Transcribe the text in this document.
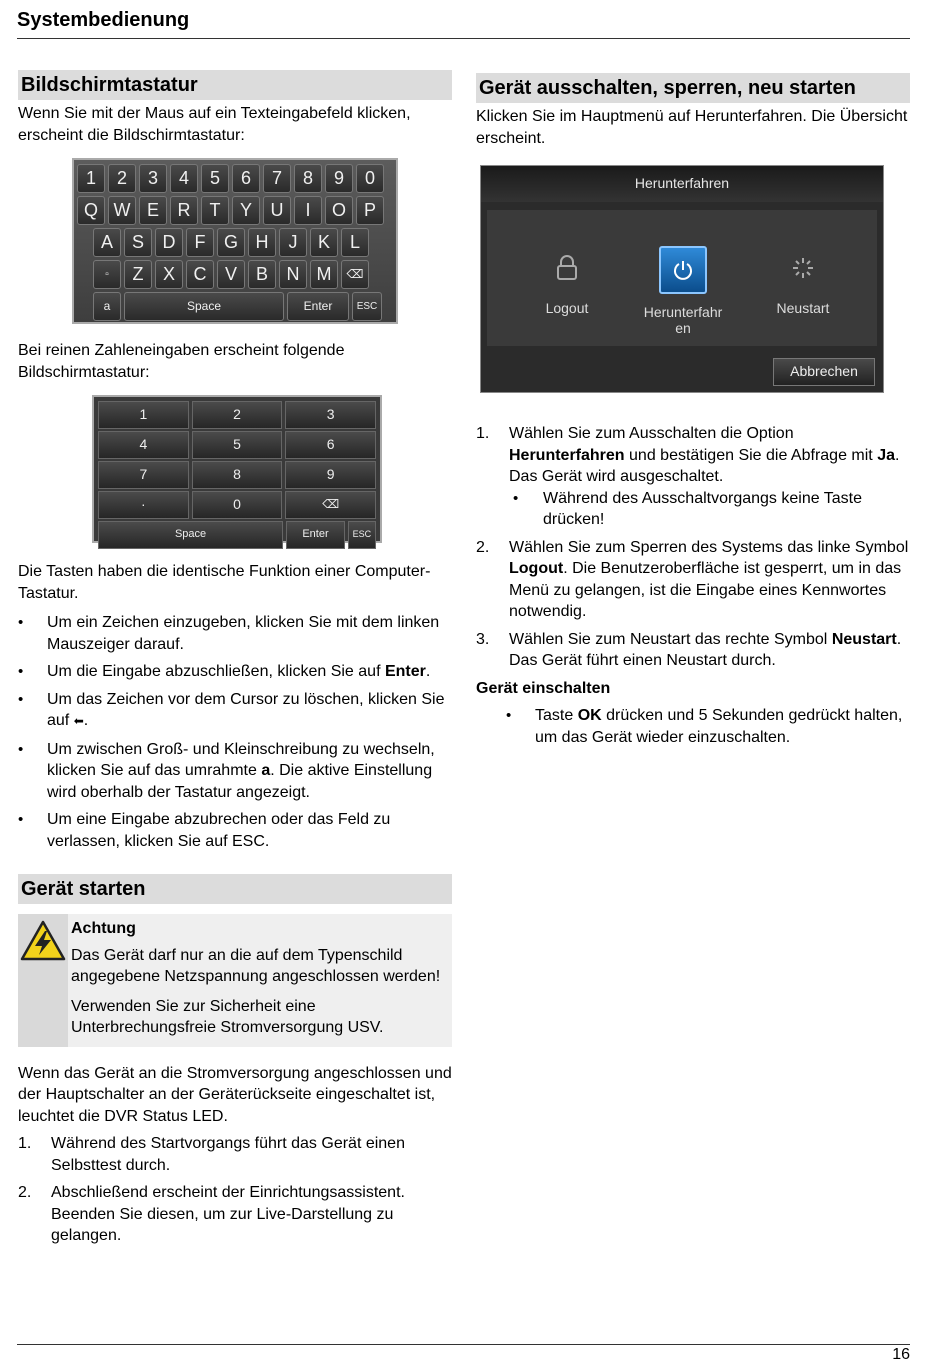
Systembedienung
Bildschirmtastatur

Wenn Sie mit der Maus auf ein Texteingabefeld klicken, erscheint die Bildschirmtastatur:

1	2	3	4	5	6	7	8	9	0
Q W E	R	T	Y	U	I	O P
A	S	D	F	G H	J	K	L
▫	Z	X	C	V	B	N M	⌫
a	Space	Enter	ESC

Bei reinen Zahleneingaben erscheint folgende Bildschirmtastatur:

1	2	3
4	5	6
7	8	9
·	0	⌫
Space	Enter	ESC

Die Tasten haben die identische Funktion einer Computer-Tastatur.

• Um ein Zeichen einzugeben, klicken Sie mit dem linken Mauszeiger darauf.
• Um die Eingabe abzuschließen, klicken Sie auf Enter.
• Um das Zeichen vor dem Cursor zu löschen, klicken Sie auf ⬅.
• Um zwischen Groß- und Kleinschreibung zu wechseln, klicken Sie auf das umrahmte a. Die aktive Einstellung wird oberhalb der Tastatur angezeigt.
• Um eine Eingabe abzubrechen oder das Feld zu verlassen, klicken Sie auf ESC.
Gerät starten
Achtung

Das Gerät darf nur an die auf dem Typenschild angegebene Netzspannung angeschlossen werden!

Verwenden Sie zur Sicherheit eine Unterbrechungsfreie Stromversorgung USV.

Wenn das Gerät an die Stromversorgung angeschlossen und der Hauptschalter an der Geräterückseite eingeschaltet ist, leuchtet die DVR Status LED.

1. Während des Startvorgangs führt das Gerät einen Selbsttest durch.
2. Abschließend erscheint der Einrichtungsassistent. Beenden Sie diesen, um zur Live-Darstellung zu gelangen.
Gerät ausschalten, sperren, neu starten

Klicken Sie im Hauptmenü auf Herunterfahren. Die Übersicht erscheint.

Herunterfahren
Logout	Herunterfahr
en
Neustart
Abbrechen
1. Wählen Sie zum Ausschalten die Option Herunterfahren und bestätigen Sie die Abfrage mit Ja. Das Gerät wird ausgeschaltet.
• Während des Ausschaltvorgangs keine Taste drücken!
2. Wählen Sie zum Sperren des Systems das linke Symbol Logout. Die Benutzeroberfläche ist gesperrt, um in das Menü zu gelangen, ist die Eingabe eines Kennwortes notwendig.
3. Wählen Sie zum Neustart das rechte Symbol Neustart. Das Gerät führt einen Neustart durch.
Gerät einschalten
• Taste OK drücken und 5 Sekunden gedrückt halten, um das Gerät wieder einzuschalten.
16
